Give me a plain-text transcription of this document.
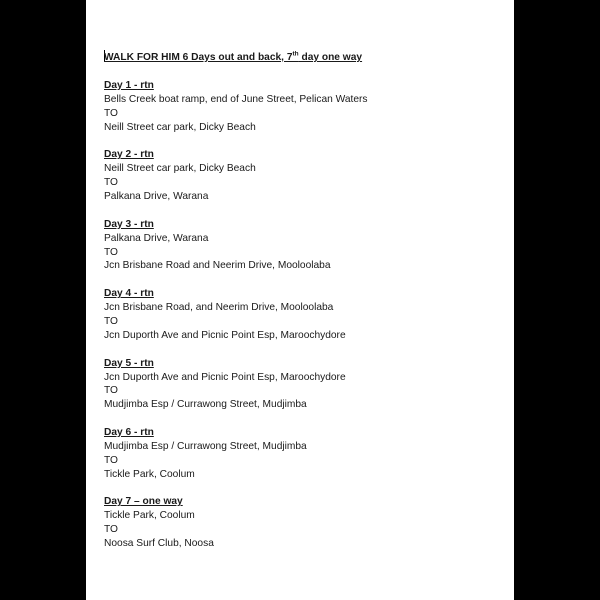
WALK FOR HIM 6 Days out and back, 7th day one way
Day 1 - rtn
Bells Creek boat ramp, end of June Street, Pelican Waters
TO
Neill Street car park, Dicky Beach
Day 2 - rtn
Neill Street car park, Dicky Beach
TO
Palkana Drive, Warana
Day 3 - rtn
Palkana Drive, Warana
TO
Jcn Brisbane Road and Neerim Drive, Mooloolaba
Day 4 - rtn
Jcn Brisbane Road, and Neerim Drive, Mooloolaba
TO
Jcn Duporth Ave and Picnic Point Esp, Maroochydore
Day 5 - rtn
Jcn Duporth Ave and Picnic Point Esp, Maroochydore
TO
Mudjimba Esp / Currawong Street, Mudjimba
Day 6 - rtn
Mudjimba Esp / Currawong Street, Mudjimba
TO
Tickle Park, Coolum
Day 7 – one way
Tickle Park, Coolum
TO
Noosa Surf Club, Noosa
